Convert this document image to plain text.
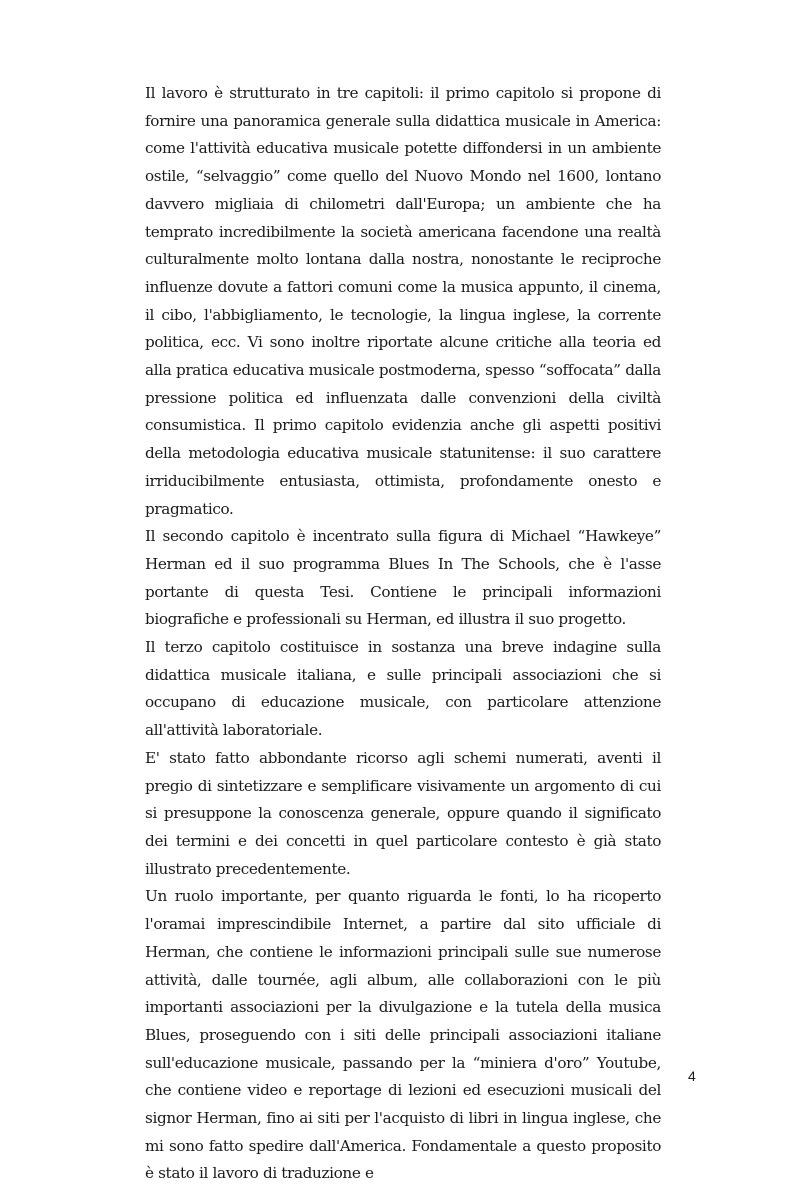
Il lavoro è strutturato in tre capitoli: il primo capitolo si propone di fornire una panoramica generale sulla didattica musicale in America: come l'attività educativa musicale potette diffondersi in un ambiente ostile, “selvaggio” come quello del Nuovo Mondo nel 1600, lontano davvero migliaia di chilometri dall'Europa; un ambiente che ha temprato incredibilmente la società americana facendone una realtà culturalmente molto lontana dalla nostra, nonostante le reciproche influenze dovute a fattori comuni come la musica appunto, il cinema, il cibo, l'abbigliamento, le tecnologie, la lingua inglese, la corrente politica, ecc. Vi sono inoltre riportate alcune critiche alla teoria ed alla pratica educativa musicale postmoderna, spesso “soffocata” dalla pressione politica ed influenzata dalle convenzioni della civiltà consumistica. Il primo capitolo evidenzia anche gli aspetti positivi della metodologia educativa musicale statunitense: il suo carattere irriducibilmente entusiasta, ottimista, profondamente onesto e pragmatico.

Il secondo capitolo è incentrato sulla figura di Michael “Hawkeye” Herman ed il suo programma Blues In The Schools, che è l'asse portante di questa Tesi. Contiene le principali informazioni biografiche e professionali su Herman, ed illustra il suo progetto.

Il terzo capitolo costituisce in sostanza una breve indagine sulla didattica musicale italiana, e sulle principali associazioni che si occupano di educazione musicale, con particolare attenzione all'attività laboratoriale.

E' stato fatto abbondante ricorso agli schemi numerati, aventi il pregio di sintetizzare e semplificare visivamente un argomento di cui si presuppone la conoscenza generale, oppure quando il significato dei termini e dei concetti in quel particolare contesto è già stato illustrato precedentemente.

Un ruolo importante, per quanto riguarda le fonti, lo ha ricoperto l'oramai imprescindibile Internet, a partire dal sito ufficiale di Herman, che contiene le informazioni principali sulle sue numerose attività, dalle tournée, agli album, alle collaborazioni con le più importanti associazioni per la divulgazione e la tutela della musica Blues, proseguendo con i siti delle principali associazioni italiane sull'educazione musicale, passando per la “miniera d'oro” Youtube, che contiene video e reportage di lezioni ed esecuzioni musicali del signor Herman, fino ai siti per l'acquisto di libri in lingua inglese, che mi sono fatto spedire dall'America. Fondamentale a questo proposito è stato il lavoro di traduzione e

4
